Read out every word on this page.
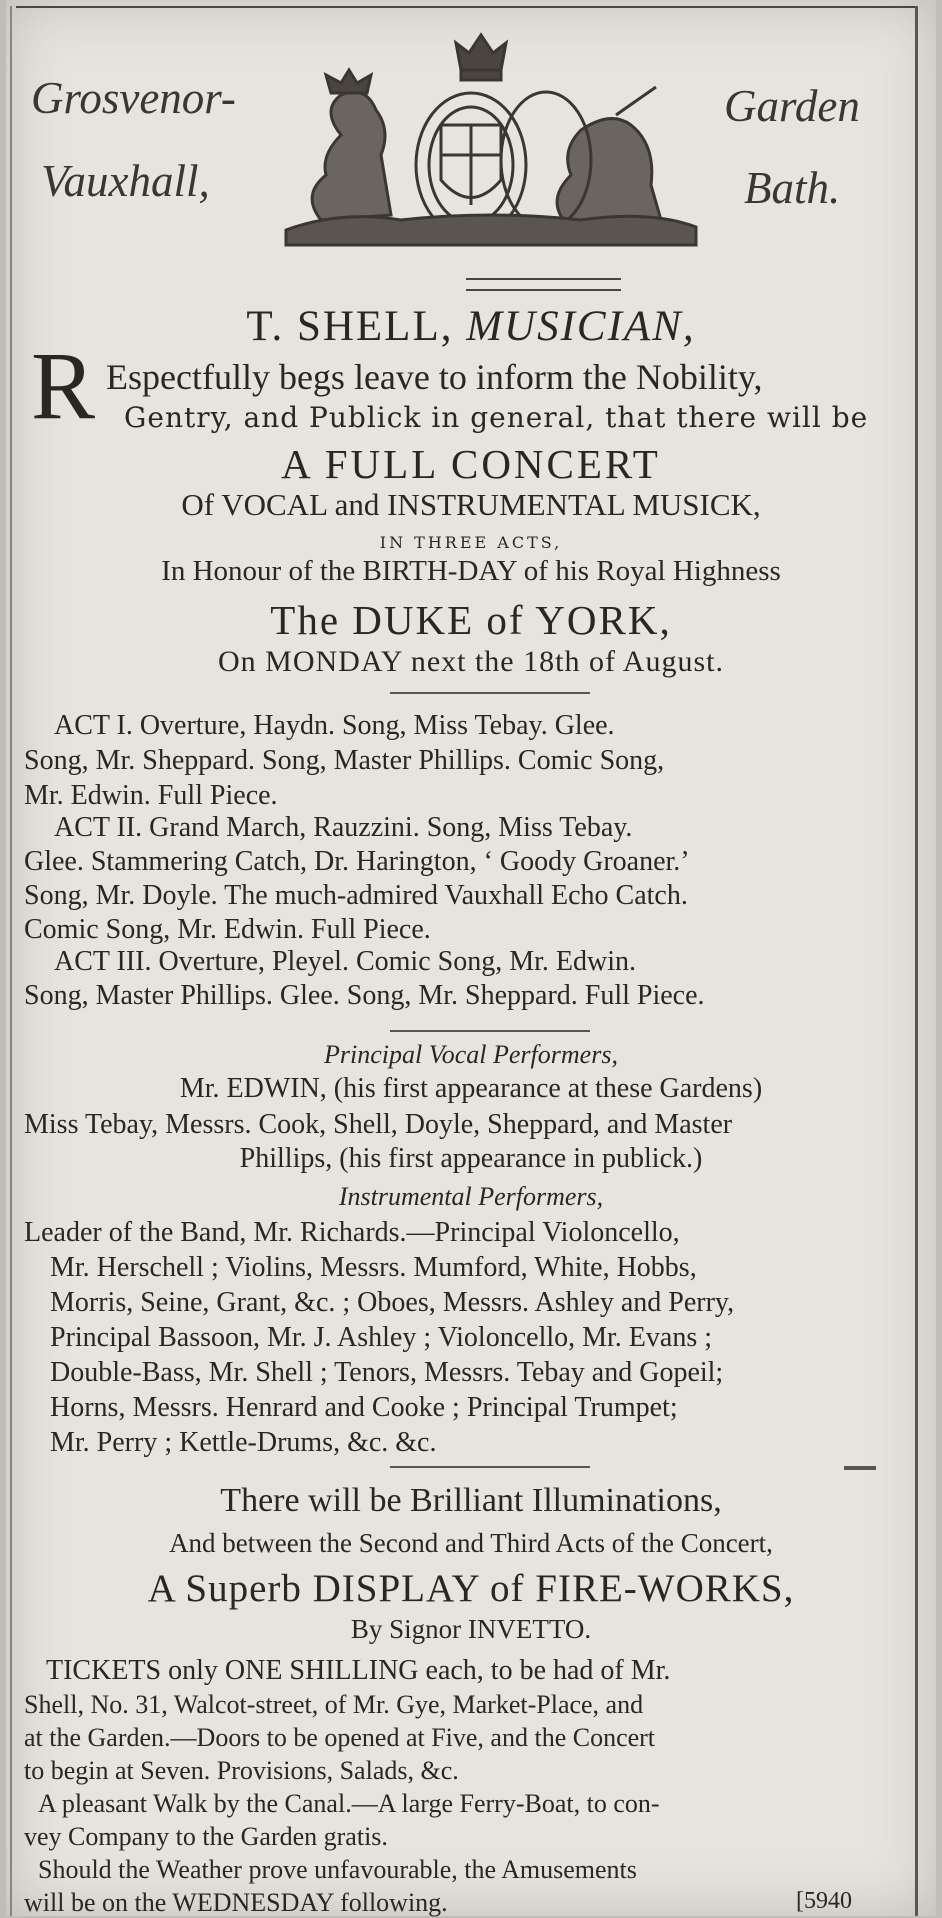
Grosvenor-
Vauxhall,
Garden
Bath.
T. SHELL, MUSICIAN,
R Espectfully begs leave to inform the Nobility,
Gentry, and Publick in general, that there will be
A FULL CONCERT
Of VOCAL and INSTRUMENTAL MUSICK,
IN THREE ACTS,
In Honour of the BIRTH-DAY of his Royal Highness
The DUKE of YORK,
On MONDAY next the 18th of August.
ACT I. Overture, Haydn. Song, Miss Tebay. Glee.
Song, Mr. Sheppard. Song, Master Phillips. Comic Song,
Mr. Edwin. Full Piece.
ACT II. Grand March, Rauzzini. Song, Miss Tebay.
Glee. Stammering Catch, Dr. Harington, ‘ Goody Groaner.’
Song, Mr. Doyle. The much-admired Vauxhall Echo Catch.
Comic Song, Mr. Edwin. Full Piece.
ACT III. Overture, Pleyel. Comic Song, Mr. Edwin.
Song, Master Phillips. Glee. Song, Mr. Sheppard. Full Piece.
Principal Vocal Performers,
Mr. EDWIN, (his first appearance at these Gardens)
Miss Tebay, Messrs. Cook, Shell, Doyle, Sheppard, and Master
Phillips, (his first appearance in publick.)
Instrumental Performers,
Leader of the Band, Mr. Richards.—Principal Violoncello,
Mr. Herschell ; Violins, Messrs. Mumford, White, Hobbs,
Morris, Seine, Grant, &c. ; Oboes, Messrs. Ashley and Perry,
Principal Bassoon, Mr. J. Ashley ; Violoncello, Mr. Evans ;
Double-Bass, Mr. Shell ; Tenors, Messrs. Tebay and Gopeil;
Horns, Messrs. Henrard and Cooke ; Principal Trumpet;
Mr. Perry ; Kettle-Drums, &c. &c.
There will be Brilliant Illuminations,
And between the Second and Third Acts of the Concert,
A Superb DISPLAY of FIRE-WORKS,
By Signor INVETTO.
TICKETS only ONE SHILLING each, to be had of Mr.
Shell, No. 31, Walcot-street, of Mr. Gye, Market-Place, and
at the Garden.—Doors to be opened at Five, and the Concert
to begin at Seven. Provisions, Salads, &c.
A pleasant Walk by the Canal.—A large Ferry-Boat, to con-
vey Company to the Garden gratis.
Should the Weather prove unfavourable, the Amusements
will be on the WEDNESDAY following.	[5940
